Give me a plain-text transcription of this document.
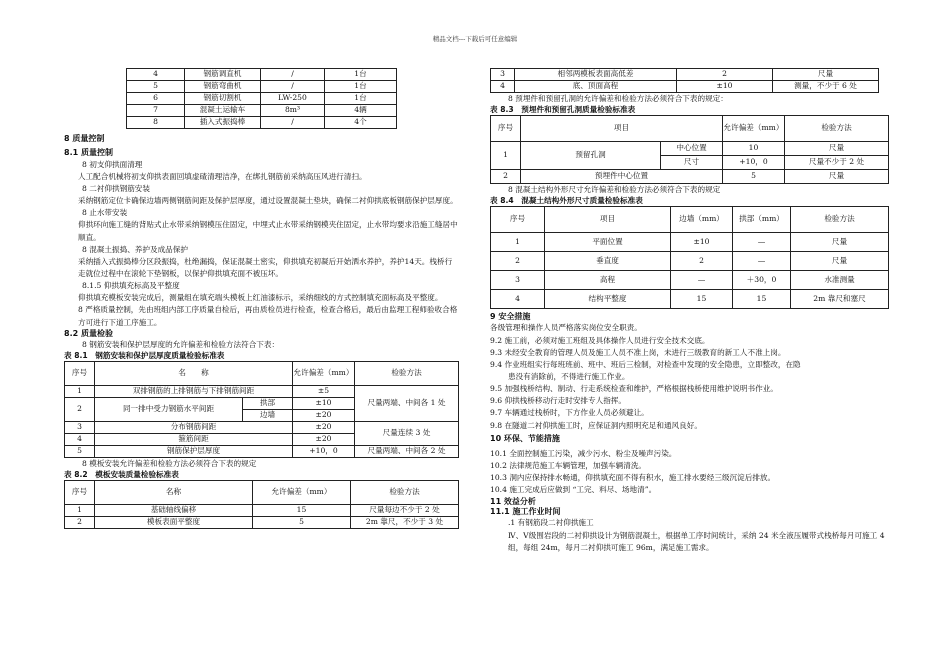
精品文档---下载后可任意编辑
4	钢筋调直机	/	1台
5	钢筋弯曲机	/	1台
6	钢筋切割机	LW-250	1台
7	混凝土运输车	8m³	4辆
8	插入式振捣棒	/	4个

8 质量控制

8.1 质量控制

8 初支仰拱面清理

人工配合机械将初支仰拱表面回填虚碴清理洁净，在绑扎钢筋前采纳高压风进行清扫。

8 二衬仰拱钢筋安装

采纳钢筋定位卡确保边墙两侧钢筋间距及保护层厚度，通过设置混凝土垫块，确保二衬仰拱底板钢筋保护层厚度。

8 止水带安装

仰拱环向施工缝的背贴式止水带采纳钢模压住固定，中埋式止水带采纳钢模夹住固定，止水带均要求沿施工缝居中顺直。

8 混凝土振捣、养护及成品保护

采纳插入式振捣棒分区段振捣，杜绝漏捣，保证混凝土密实，仰拱填充初凝后开始洒水养护，养护14天。栈桥行走就位过程中在滚轮下垫钢板，以保护仰拱填充面不被压坏。

8.1.5 仰拱填充标高及平整度

仰拱填充模板安装完成后，测量组在填充端头模板上红油漆标示，采纳细线的方式控制填充面标高及平整度。

8 严格质量控制，先由班组内部工序质量自检后，再由质检员进行检查，检查合格后，最后由监理工程师验收合格方可进行下道工序施工。

8.2 质量检验

8 钢筋安装和保护层厚度的允许偏差和检验方法符合下表：

表 8.1　钢筋安装和保护层厚度质量检验标准表

序号	名　　称		允许偏差（mm）	检验方法
1	双排钢筋的上排钢筋与下排钢筋间距		±5	尺量两端、中间各 1 处
2	同一排中受力钢筋水平间距	拱部	±10	
		边墙	±20	
3	分布钢筋间距		±20	尺量连续 3 处
4	箍筋间距		±20	
5	钢筋保护层厚度		+10，0	尺量两端、中间各 2 处

8 模板安装允许偏差和检验方法必须符合下表的规定

表 8.2　模板安装质量检验标准表

序号	名称	允许偏差（mm）	检验方法
1	基础轴线偏移	15	尺量每边不少于 2 处
2	模板表面平整度	5	2m 靠尺，不少于 3 处
3	相邻两模板表面高低差	2	尺量
4	底、顶面高程	±10	测量，不少于 6 处

8 预埋件和预留孔洞的允许偏差和检验方法必须符合下表的规定：

表 8.3　预埋件和预留孔洞质量检验标准表

序号	项目		允许偏差（mm）	检验方法
1	预留孔洞	中心位置	10	尺量
		尺寸	+10，0	尺量不少于 2 处
2	预埋件中心位置		5	尺量

8 混凝土结构外形尺寸允许偏差和检验方法必须符合下表的规定

表 8.4　混凝土结构外形尺寸质量检验标准表

序号	项目	边墙（mm）	拱部（mm）	检验方法
1	平面位置	±10	—	尺量
2	垂直度	2	—	尺量
3	高程	—	＋30，0	水准测量
4	结构平整度	15	15	2m 靠尺和塞尺

9 安全措施

各级管理和操作人员严格落实岗位安全职责。

9.2 施工前，必须对施工班组及具体操作人员进行安全技术交底。

9.3 未经安全教育的管理人员及施工人员不准上岗，未进行三级教育的新工人不准上岗。

9.4 作业班组实行每班班前、班中、班后三检制，对检查中发现的安全隐患，立即整改，在隐

患没有消除前，不得进行施工作业。

9.5 加强栈桥结构、制动、行走系统检查和维护，严格根据栈桥使用维护说明书作业。

9.6 仰拱栈桥移动行走时安排专人指挥。

9.7 车辆通过栈桥时，下方作业人员必须避让。

9.8 在隧道二衬仰拱施工时，应保证洞内照明充足和通风良好。

10 环保、节能措施

10.1 全面控制施工污染，减少污水、粉尘及噪声污染。

10.2 法律规范施工车辆管理，加强车辆清洗。

10.3 洞内应保持排水畅通，仰拱填充面不得有积水，施工排水要经三级沉淀后排放。

10.4 施工完成后应做到 “工完、料尽、场地清”。

11 效益分析

11.1 施工作业时间

.1 有钢筋段二衬仰拱施工

Ⅳ、Ⅴ级围岩段的二衬仰拱设计为钢筋混凝土，根据单工序时间统计，采纳 24 米全液压履带式栈桥每月可施工 4 组，每组 24m，每月二衬仰拱可施工 96m，满足施工需求。
